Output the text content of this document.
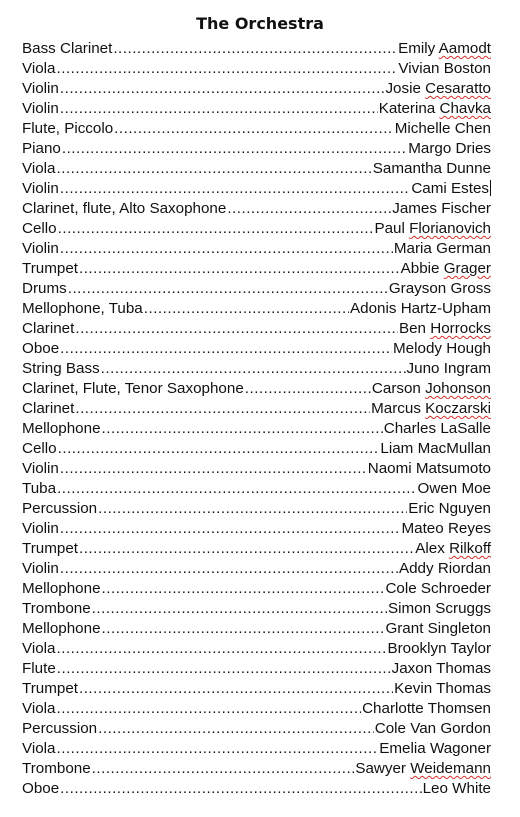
The Orchestra
Bass Clarinet .....	Emily Aamodt
Viola .....	Vivian Boston
Violin .....	Josie Cesaratto
Violin .....	Katerina Chavka
Flute, Piccolo .....	Michelle Chen
Piano .....	Margo Dries
Viola .....	Samantha Dunne
Violin .....	Cami Estes
Clarinet, flute, Alto Saxophone .....	James Fischer
Cello .....	Paul Florianovich
Violin .....	Maria German
Trumpet .....	Abbie Grager
Drums .....	Grayson Gross
Mellophone, Tuba .....	Adonis Hartz-Upham
Clarinet .....	Ben Horrocks
Oboe .....	Melody Hough
String Bass .....	Juno Ingram
Clarinet, Flute, Tenor Saxophone .....	Carson Johonson
Clarinet .....	Marcus Koczarski
Mellophone .....	Charles LaSalle
Cello .....	Liam MacMullan
Violin .....	Naomi Matsumoto
Tuba .....	Owen Moe
Percussion .....	Eric Nguyen
Violin .....	Mateo Reyes
Trumpet .....	Alex Rilkoff
Violin .....	Addy Riordan
Mellophone .....	Cole Schroeder
Trombone .....	Simon Scruggs
Mellophone .....	Grant Singleton
Viola .....	Brooklyn Taylor
Flute .....	Jaxon Thomas
Trumpet .....	Kevin Thomas
Viola .....	Charlotte Thomsen
Percussion .....	Cole Van Gordon
Viola .....	Emelia Wagoner
Trombone .....	Sawyer Weidemann
Oboe .....	Leo White
